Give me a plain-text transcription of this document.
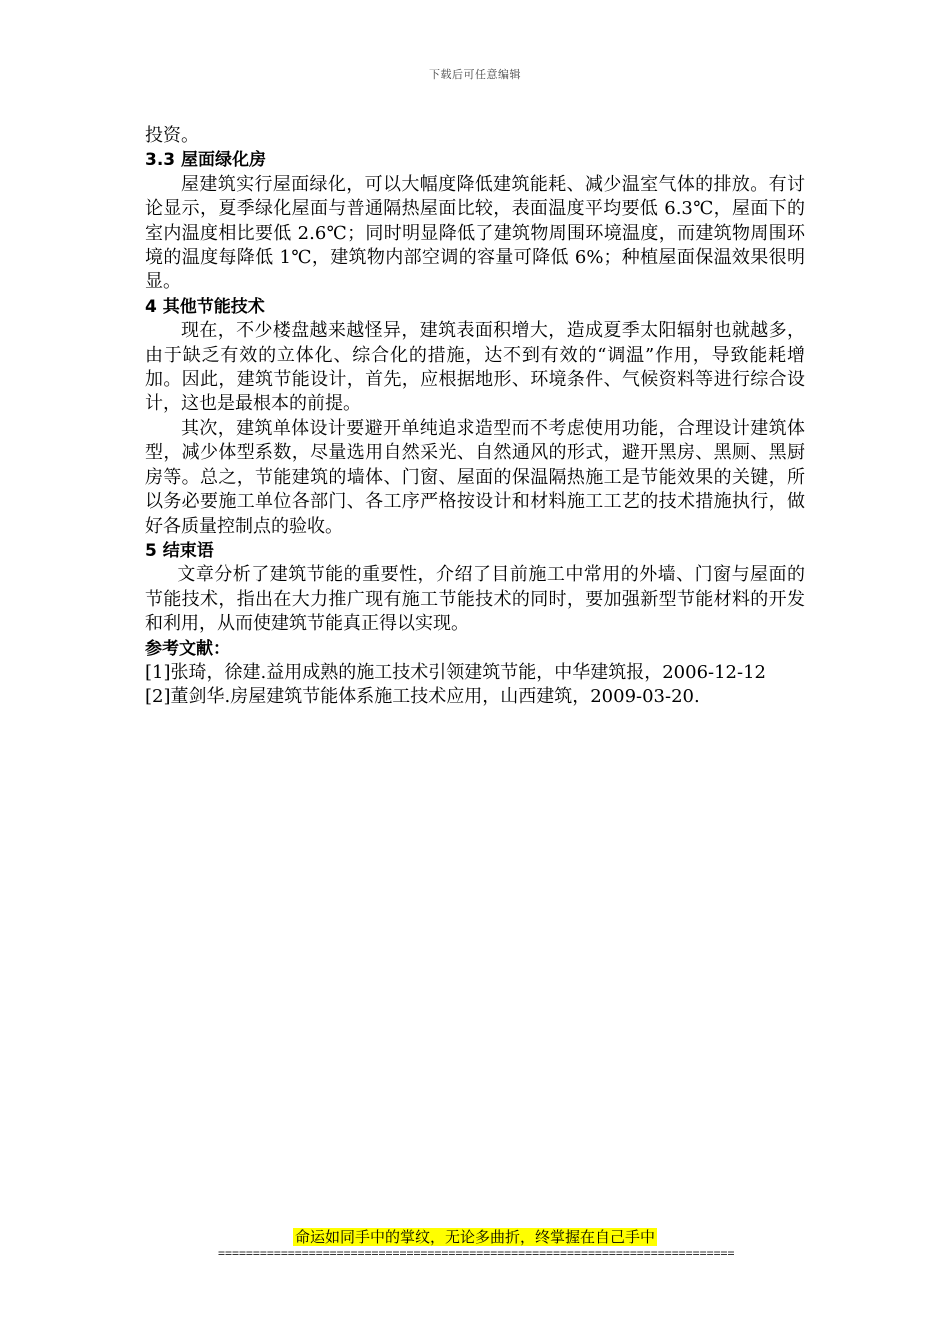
下载后可任意编辑

投资。

3.3 屋面绿化房

屋建筑实行屋面绿化，可以大幅度降低建筑能耗、减少温室气体的排放。有讨论显示，夏季绿化屋面与普通隔热屋面比较，表面温度平均要低 6.3℃，屋面下的室内温度相比要低 2.6℃；同时明显降低了建筑物周围环境温度，而建筑物周围环境的温度每降低 1℃，建筑物内部空调的容量可降低 6%；种植屋面保温效果很明显。

4 其他节能技术

现在，不少楼盘越来越怪异，建筑表面积增大，造成夏季太阳辐射也就越多，由于缺乏有效的立体化、综合化的措施，达不到有效的“调温”作用，导致能耗增加。因此，建筑节能设计，首先，应根据地形、环境条件、气候资料等进行综合设计，这也是最根本的前提。

其次，建筑单体设计要避开单纯追求造型而不考虑使用功能，合理设计建筑体型，减少体型系数，尽量选用自然采光、自然通风的形式，避开黑房、黑厕、黑厨房等。总之，节能建筑的墙体、门窗、屋面的保温隔热施工是节能效果的关键，所以务必要施工单位各部门、各工序严格按设计和材料施工工艺的技术措施执行，做好各质量控制点的验收。

5 结束语

文章分析了建筑节能的重要性，介绍了目前施工中常用的外墙、门窗与屋面的节能技术，指出在大力推广现有施工节能技术的同时，要加强新型节能材料的开发和利用，从而使建筑节能真正得以实现。

参考文献：

[1]张琦，徐建.益用成熟的施工技术引领建筑节能，中华建筑报，2006-12-12

[2]董剑华.房屋建筑节能体系施工技术应用，山西建筑，2009-03-20.

命运如同手中的掌纹，无论多曲折，终掌握在自己手中
==========================================================================
